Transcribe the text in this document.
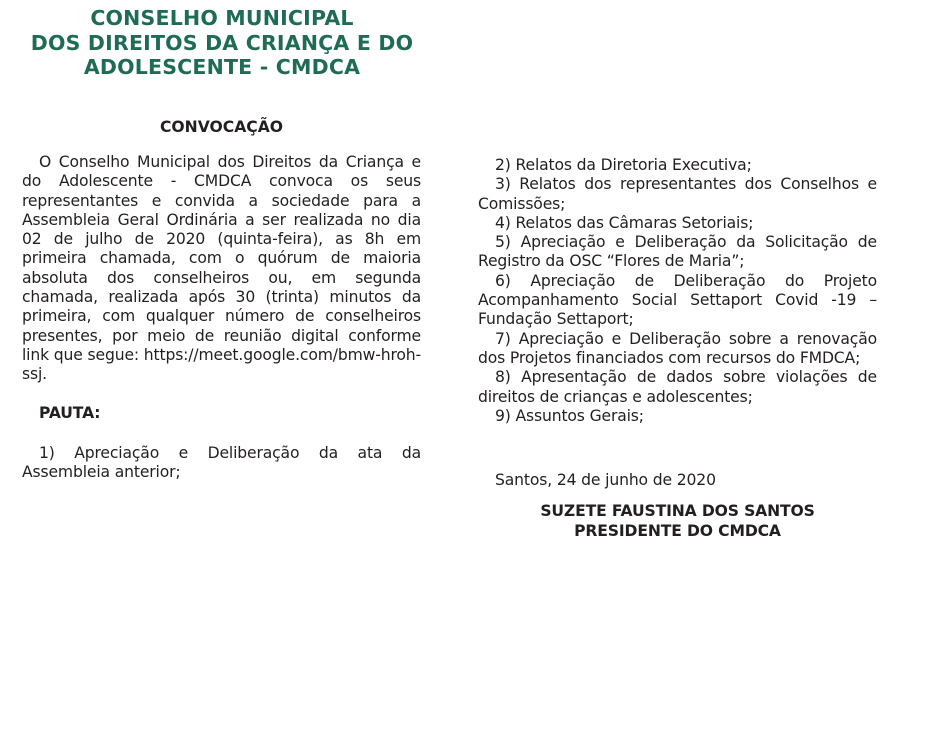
CONSELHO MUNICIPAL
DOS DIREITOS DA CRIANÇA E DO
ADOLESCENTE - CMDCA

CONVOCAÇÃO

O Conselho Municipal dos Direitos da Criança e do Adolescente - CMDCA convoca os seus representantes e convida a sociedade para a Assembleia Geral Ordinária a ser realizada no dia 02 de julho de 2020 (quinta-feira), as 8h em primeira chamada, com o quórum de maioria absoluta dos conselheiros ou, em segunda chamada, realizada após 30 (trinta) minutos da primeira, com qualquer número de conselheiros presentes, por meio de reunião digital conforme link que segue: https://meet.google.com/bmw-hroh-ssj.

PAUTA:

1) Apreciação e Deliberação da ata da Assembleia anterior;

2) Relatos da Diretoria Executiva;

3) Relatos dos representantes dos Conselhos e Comissões;

4) Relatos das Câmaras Setoriais;

5) Apreciação e Deliberação da Solicitação de Registro da OSC “Flores de Maria”;

6) Apreciação de Deliberação do Projeto Acompanhamento Social Settaport Covid -19 – Fundação Settaport;

7) Apreciação e Deliberação sobre a renovação dos Projetos financiados com recursos do FMDCA;

8) Apresentação de dados sobre violações de direitos de crianças e adolescentes;

9) Assuntos Gerais;

Santos, 24 de junho de 2020

SUZETE FAUSTINA DOS SANTOS
PRESIDENTE DO CMDCA
